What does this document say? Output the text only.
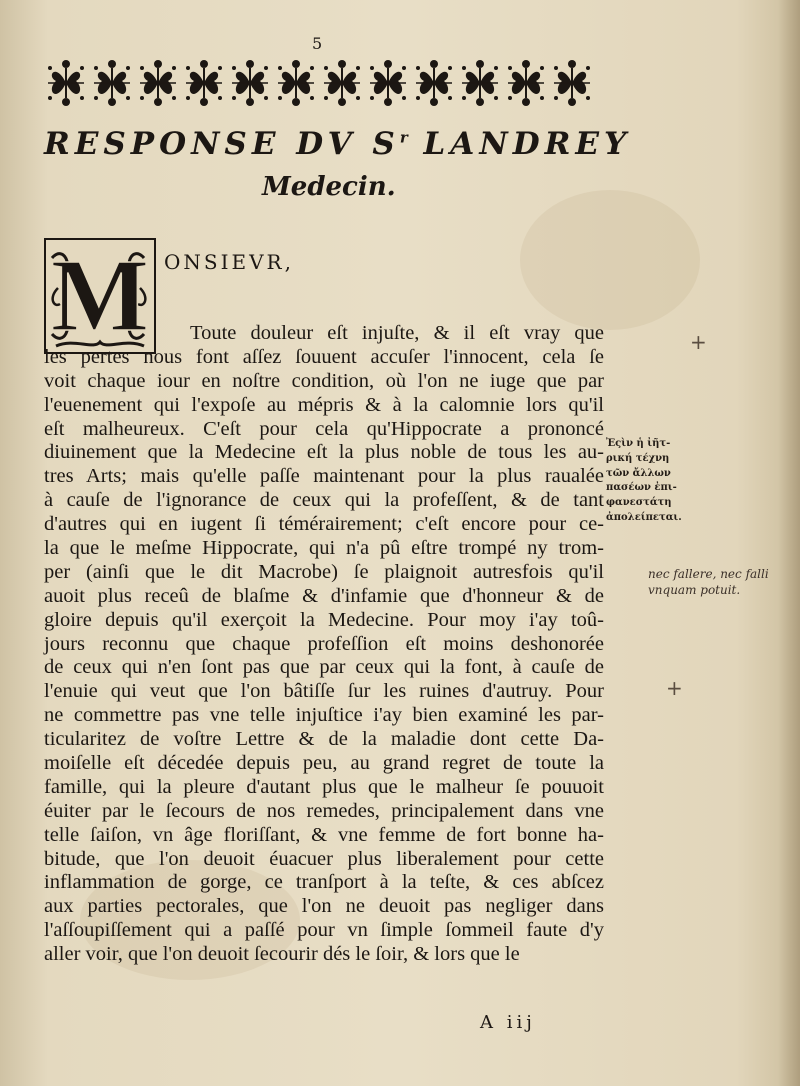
5
RESPONSE DV $S^r$ LANDREY
Medecin.
M ONSIEVR,
Toute douleur eſt injuſte, & il eſt vray que
les pertes nous font aſſez ſouuent accuſer l'innocent, cela ſe
voit chaque iour en noſtre condition, où l'on ne iuge que par
l'euenement qui l'expoſe au mépris & à la calomnie lors qu'il
eſt malheureux. C'eſt pour cela qu'Hippocrate a prononcé
diuinement que la Medecine eſt la plus noble de tous les au-
tres Arts; mais qu'elle paſſe maintenant pour la plus raualée
à cauſe de l'ignorance de ceux qui la profeſſent, & de tant
d'autres qui en iugent ſi témérairement; c'eſt encore pour ce-
la que le meſme Hippocrate, qui n'a pû eſtre trompé ny trom-
per (ainſi que le dit Macrobe) ſe plaignoit autresfois qu'il
auoit plus receû de blaſme & d'infamie que d'honneur & de
gloire depuis qu'il exerçoit la Medecine. Pour moy i'ay toû-
jours reconnu que chaque profeſſion eſt moins deshonorée
de ceux qui n'en ſont pas que par ceux qui la font, à cauſe de
l'enuie qui veut que l'on bâtiſſe ſur les ruines d'autruy. Pour
ne commettre pas vne telle injuſtice i'ay bien examiné les par-
ticularitez de voſtre Lettre & de la maladie dont cette Da-
moiſelle eſt décedée depuis peu, au grand regret de toute la
famille, qui la pleure d'autant plus que le malheur ſe pouuoit
éuiter par le ſecours de nos remedes, principalement dans vne
telle ſaiſon, vn âge floriſſant, & vne femme de fort bonne ha-
bitude, que l'on deuoit éuacuer plus liberalement pour cette
inflammation de gorge, ce tranſport à la teſte, & ces abſcez
aux parties pectorales, que l'on ne deuoit pas negliger dans
l'aſſoupiſſement qui a paſſé pour vn ſimple ſommeil faute d'y
aller voir, que l'on deuoit ſecourir dés le ſoir, & lors que le
Ἐςὶν ἡ ἰῆτ-
ρική τέχνη
τῶν ἄλλων
πασέων ἐπι-
φανεστάτη
ἀπολείπεται.
nec fallere, nec falli
vnquam potuit.
+
+
A iij
